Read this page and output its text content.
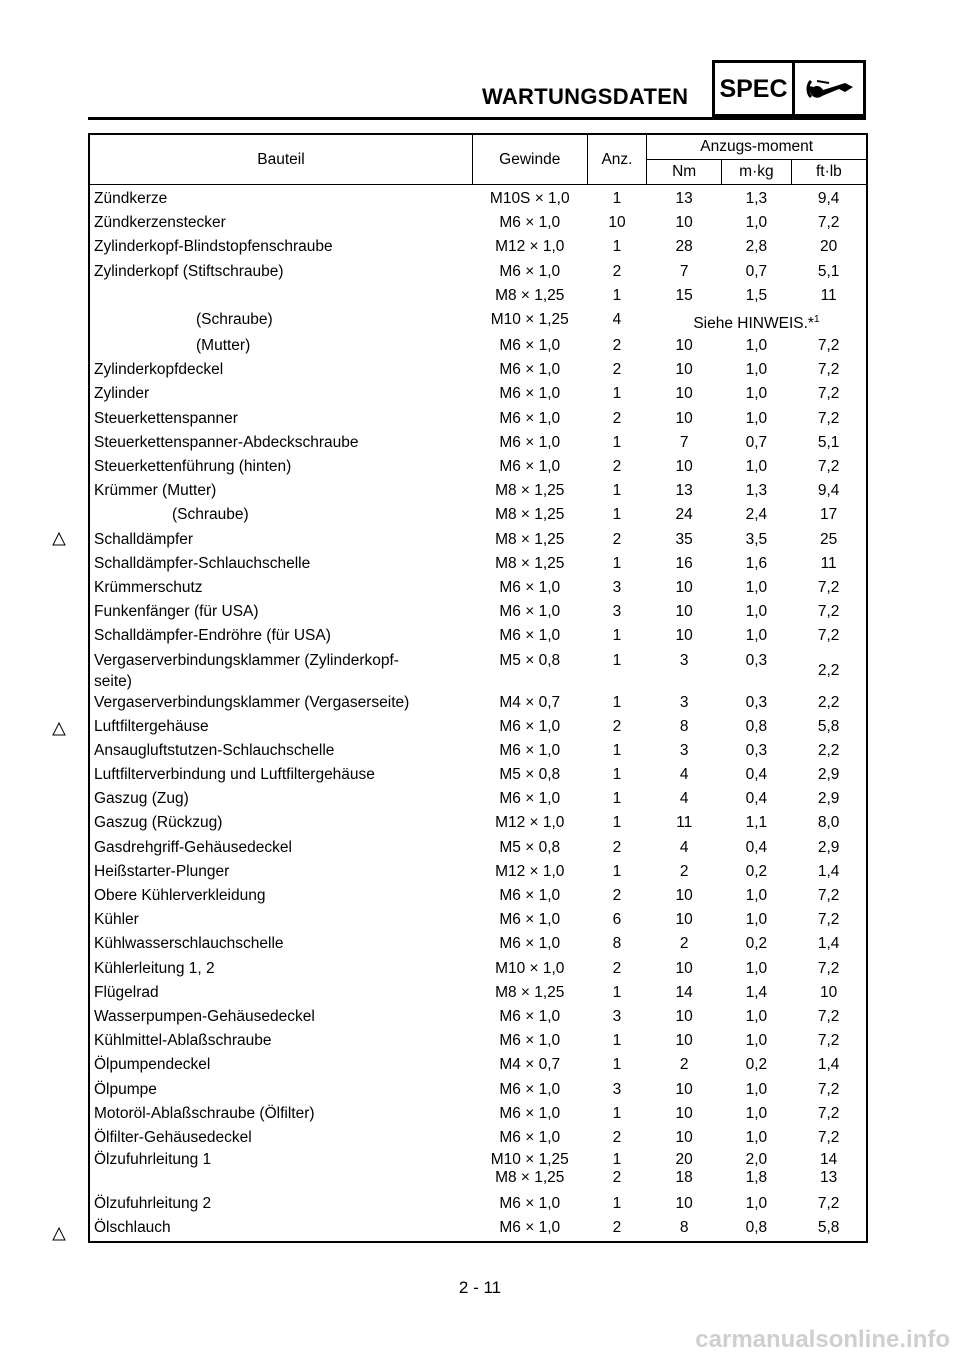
WARTUNGSDATEN SPEC
Bauteil	Gewinde	Anz.	Anzugs-moment		
			Nm	m·kg	ft·lb
Zündkerze	M10S × 1,0	1	13	1,3	9,4
Zündkerzenstecker	M6 × 1,0	10	10	1,0	7,2
Zylinderkopf-Blindstopfenschraube	M12 × 1,0	1	28	2,8	20
Zylinderkopf (Stiftschraube)	M6 × 1,0	2	7	0,7	5,1
	M8 × 1,25	1	15	1,5	11
(Schraube)	M10 × 1,25	4	Siehe HINWEIS.*$^1$
(Mutter)	M6 × 1,0	2	10	1,0	7,2
Zylinderkopfdeckel	M6 × 1,0	2	10	1,0	7,2
Zylinder	M6 × 1,0	1	10	1,0	7,2
Steuerkettenspanner	M6 × 1,0	2	10	1,0	7,2
Steuerkettenspanner-Abdeckschraube	M6 × 1,0	1	7	0,7	5,1
Steuerkettenführung (hinten)	M6 × 1,0	2	10	1,0	7,2
Krümmer (Mutter)	M8 × 1,25	1	13	1,3	9,4
(Schraube)	M8 × 1,25	1	24	2,4	17
Schalldämpfer	M8 × 1,25	2	35	3,5	25
Schalldämpfer-Schlauchschelle	M8 × 1,25	1	16	1,6	11
Krümmerschutz	M6 × 1,0	3	10	1,0	7,2
Funkenfänger (für USA)	M6 × 1,0	3	10	1,0	7,2
Schalldämpfer-Endröhre (für USA)	M6 × 1,0	1	10	1,0	7,2
Vergaserverbindungsklammer (Zylinderkopf-
seite)	M5 × 0,8	1	3	0,3	2,2
Vergaserverbindungsklammer (Vergaserseite)	M4 × 0,7	1	3	0,3	2,2
Luftfiltergehäuse	M6 × 1,0	2	8	0,8	5,8
Ansaugluftstutzen-Schlauchschelle	M6 × 1,0	1	3	0,3	2,2
Luftfilterverbindung und Luftfiltergehäuse	M5 × 0,8	1	4	0,4	2,9
Gaszug (Zug)	M6 × 1,0	1	4	0,4	2,9
Gaszug (Rückzug)	M12 × 1,0	1	11	1,1	8,0
Gasdrehgriff-Gehäusedeckel	M5 × 0,8	2	4	0,4	2,9
Heißstarter-Plunger	M12 × 1,0	1	2	0,2	1,4
Obere Kühlerverkleidung	M6 × 1,0	2	10	1,0	7,2
Kühler	M6 × 1,0	6	10	1,0	7,2
Kühlwasserschlauchschelle	M6 × 1,0	8	2	0,2	1,4
Kühlerleitung 1, 2	M10 × 1,0	2	10	1,0	7,2
Flügelrad	M8 × 1,25	1	14	1,4	10
Wasserpumpen-Gehäusedeckel	M6 × 1,0	3	10	1,0	7,2
Kühlmittel-Ablaßschraube	M6 × 1,0	1	10	1,0	7,2
Ölpumpendeckel	M4 × 0,7	1	2	0,2	1,4
Ölpumpe	M6 × 1,0	3	10	1,0	7,2
Motoröl-Ablaßschraube (Ölfilter)	M6 × 1,0	1	10	1,0	7,2
Ölfilter-Gehäusedeckel	M6 × 1,0	2	10	1,0	7,2
Ölzufuhrleitung 1	M10 × 1,25	1	20	2,0	14
	M8 × 1,25	2	18	1,8	13
Ölzufuhrleitung 2	M6 × 1,0	1	10	1,0	7,2
Ölschlauch	M6 × 1,0	2	8	0,8	5,8
2 - 11
carmanualsonline.info
